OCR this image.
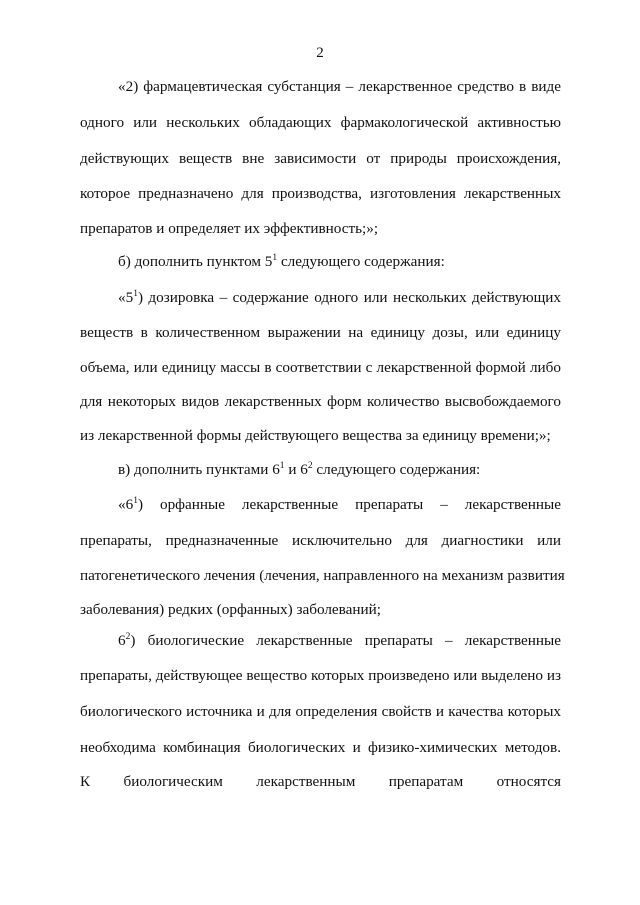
2
«2) фармацевтическая субстанция – лекарственное средство в виде
одного или нескольких обладающих фармакологической активностью
действующих веществ вне зависимости от природы происхождения,
которое предназначено для производства, изготовления лекарственных
препаратов и определяет их эффективность;»;
б) дополнить пунктом $5^1$ следующего содержания:
«$5^1$) дозировка – содержание одного или нескольких действующих
веществ в количественном выражении на единицу дозы, или единицу
объема, или единицу массы в соответствии с лекарственной формой либо
для некоторых видов лекарственных форм количество высвобождаемого
из лекарственной формы действующего вещества за единицу времени;»;
в) дополнить пунктами $6^1$ и $6^2$ следующего содержания:
«$6^1$) орфанные лекарственные препараты – лекарственные
препараты, предназначенные исключительно для диагностики или
патогенетического лечения (лечения, направленного на механизм развития
заболевания) редких (орфанных) заболеваний;
$6^2$) биологические лекарственные препараты – лекарственные
препараты, действующее вещество которых произведено или выделено из
биологического источника и для определения свойств и качества которых
необходима комбинация биологических и физико-химических методов.
К биологическим лекарственным препаратам относятся
